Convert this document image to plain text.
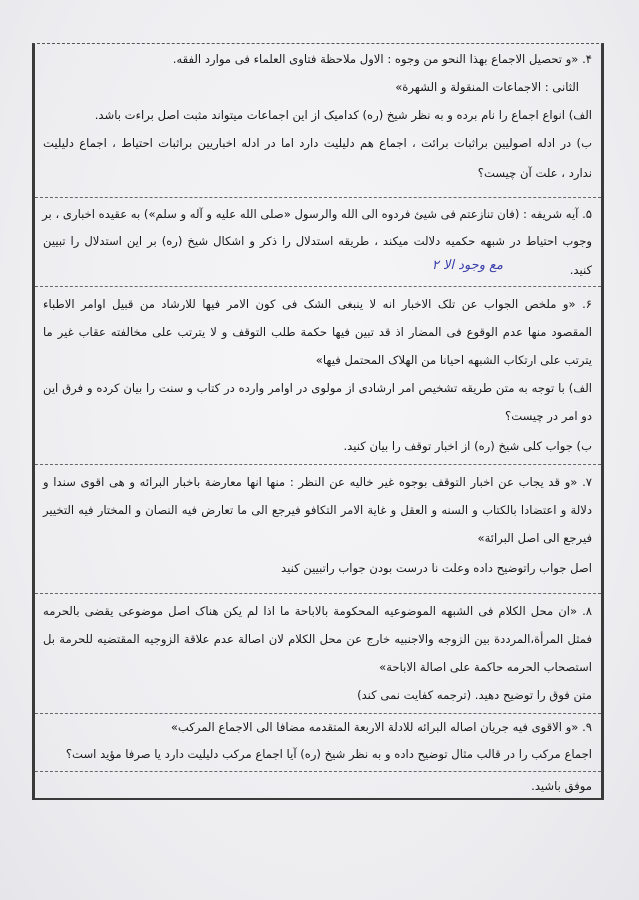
۴. «و تحصیل الاجماع بهذا النحو من وجوه : الاول ملاحظة فتاوی العلماء فی موارد الفقه.
الثانی : الاجماعات المنقولة و الشهرة»
الف) انواع اجماع را نام برده و به نظر شیخ (ره) کدامیک از این اجماعات میتواند مثبت اصل براءت باشد.
ب) در ادله اصولیین براثبات برائت ، اجماع هم دلیلیت دارد اما در ادله اخباریین براثبات احتیاط ، اجماع دلیلیت
ندارد ، علت آن چیست؟
۵. آیه شریفه : (فان تنازعتم فی شیئ فردوه الی الله والرسول «صلی الله علیه و آله و سلم») به عقیده اخباری ، بر
وجوب احتیاط در شبهه حکمیه دلالت میکند ، طریقه استدلال را ذکر و اشکال شیخ (ره) بر این استدلال را تبیین
کنید.
مع وجود الا ۲
۶. «و ملخص الجواب عن تلک الاخبار انه لا ینبغی الشک فی کون الامر فیها للارشاد من قبیل اوامر الاطباء
المقصود منها عدم الوقوع فی المضار اذ قد تبین فیها حکمة طلب التوقف و لا یترتب علی مخالفته عقاب غیر ما
یترتب علی ارتکاب الشبهه احیانا من الهلاک المحتمل فیها»
الف) با توجه به متن طریقه تشخیص امر ارشادی از مولوی در اوامر وارده در کتاب و سنت را بیان کرده و فرق این
دو امر در چیست؟
ب) جواب کلی شیخ (ره) از اخبار توقف را بیان کنید.
۷. «و قد یجاب عن اخبار التوقف بوجوه غیر خالیه عن النظر : منها انها معارضة باخبار البرائه و هی اقوی سندا و
دلالة و اعتضادا بالکتاب و السنه و العقل و غایة الامر التکافو فیرجع الی ما تعارض فیه النصان و المختار فیه التخییر
فیرجع الی اصل البرائة»
اصل جواب راتوضیح داده وعلت نا درست بودن جواب راتبیین کنید
۸. «ان محل الکلام فی الشبهه الموضوعیه المحکومة بالاباحة ما اذا لم یکن هناک اصل موضوعی یقضی بالحرمه
فمثل المرأة،المرددة بین الزوجه والاجنبیه خارج عن محل الکلام لان اصالة عدم علاقة الزوجیه المقتضیه للحرمة بل
استصحاب الحرمه حاکمة علی اصالة الاباحة»
متن فوق را توضیح دهید. (ترجمه کفایت نمی کند)
۹. «و الاقوی فیه جریان اصاله البرائه للادلة الاربعة المتقدمه مضافا الی الاجماع المرکب»
اجماع مرکب را در قالب مثال توضیح داده و به نظر شیخ (ره) آیا اجماع مرکب دلیلیت دارد یا صرفا مؤید است؟
موفق باشید.
